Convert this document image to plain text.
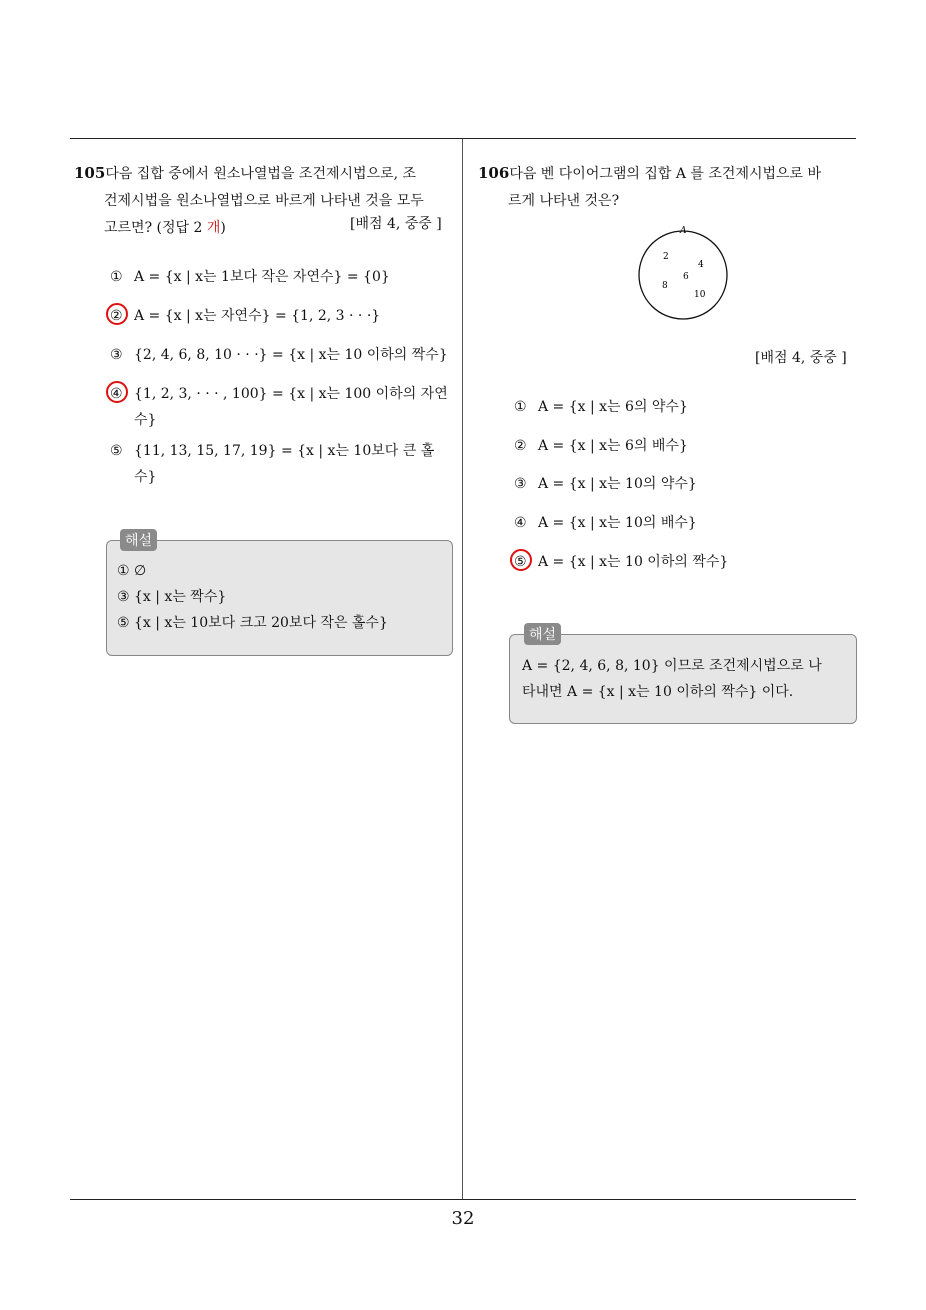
105다음 집합 중에서 원소나열법을 조건제시법으로, 조
건제시법을 원소나열법으로 바르게 나타낸 것을 모두
고르면? (정답 2 개)	[배점 4, 중중 ]
① A = {x | x는 1보다 작은 자연수} = {0}
② A = {x | x는 자연수} = {1, 2, 3 · · ·}
③ {2, 4, 6, 8, 10 · · ·} = {x | x는 10 이하의 짝수}
④ {1, 2, 3, · · · , 100} = {x | x는 100 이하의 자연
수}
⑤ {11, 13, 15, 17, 19} = {x | x는 10보다 큰 홀
수}
해설
① ∅
③ {x | x는 짝수}
⑤ {x | x는 10보다 크고 20보다 작은 홀수}
106다음 벤 다이어그램의 집합 A 를 조건제시법으로 바
르게 나타낸 것은?
A
2
4
6
8
10
[배점 4, 중중 ]
① A = {x | x는 6의 약수}
② A = {x | x는 6의 배수}
③ A = {x | x는 10의 약수}
④ A = {x | x는 10의 배수}
⑤ A = {x | x는 10 이하의 짝수}
해설
A = {2, 4, 6, 8, 10} 이므로 조건제시법으로 나
타내면 A = {x | x는 10 이하의 짝수} 이다.
32
